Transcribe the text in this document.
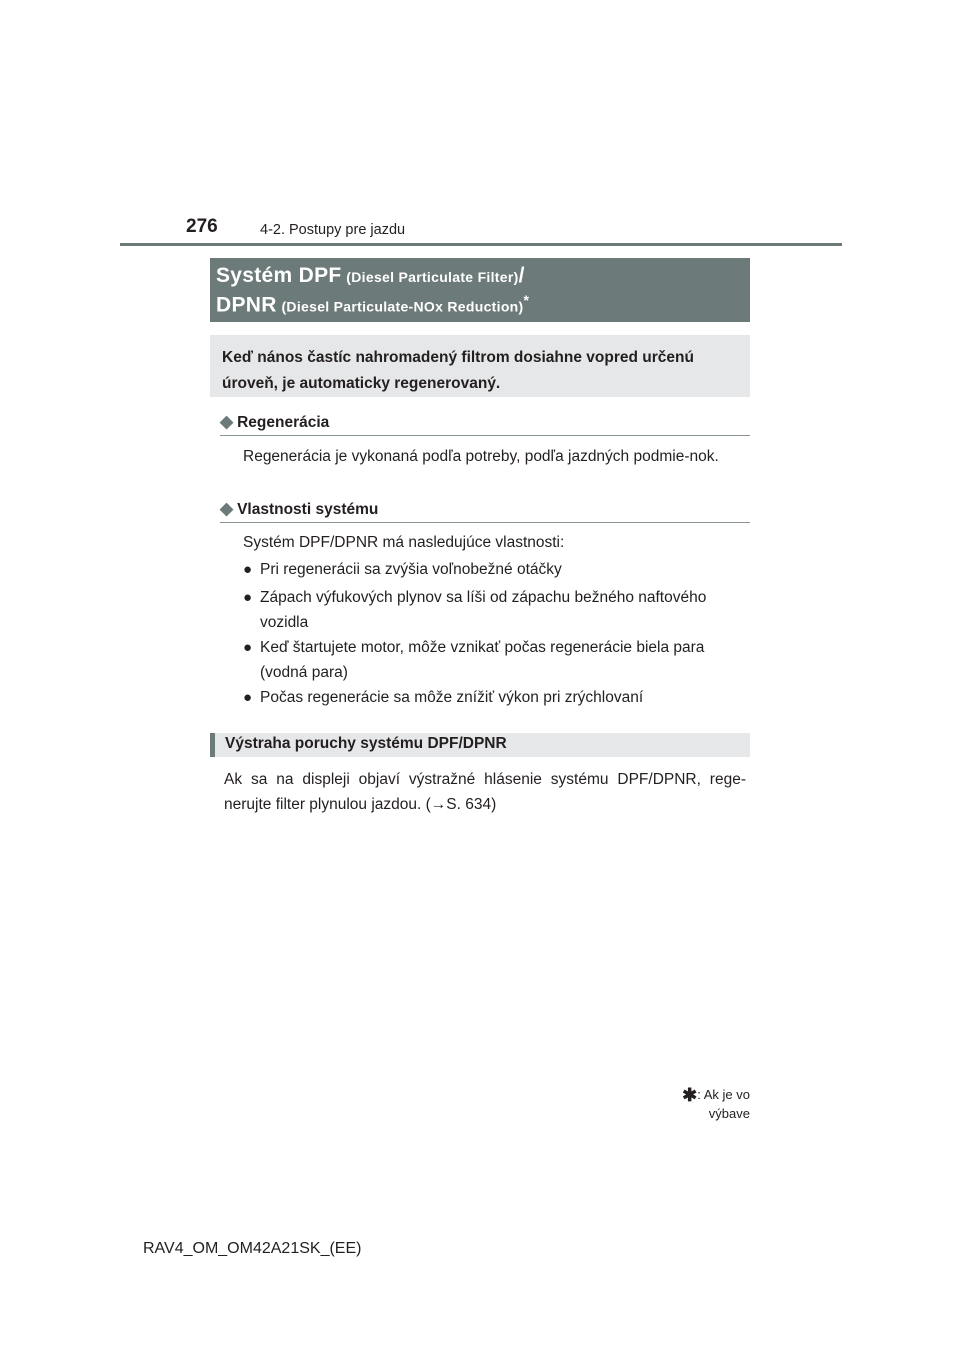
276	4-2. Postupy pre jazdu
Systém DPF (Diesel Particulate Filter)/
DPNR (Diesel Particulate-NOx Reduction)*
Keď nános častíc nahromadený filtrom dosiahne vopred určenú úroveň, je automaticky regenerovaný.
◆ Regenerácia
Regenerácia je vykonaná podľa potreby, podľa jazdných podmie-nok.
◆ Vlastnosti systému
Systém DPF/DPNR má nasledujúce vlastnosti:
● Pri regenerácii sa zvýšia voľnobežné otáčky
● Zápach výfukových plynov sa líši od zápachu bežného naftového vozidla
● Keď štartujete motor, môže vznikať počas regenerácie biela para (vodná para)
● Počas regenerácie sa môže znížiť výkon pri zrýchlovaní
Výstraha poruchy systému DPF/DPNR
Ak sa na displeji objaví výstražné hlásenie systému DPF/DPNR, rege-nerujte filter plynulou jazdou. (→S. 634)
✱: Ak je vo výbave
RAV4_OM_OM42A21SK_(EE)
